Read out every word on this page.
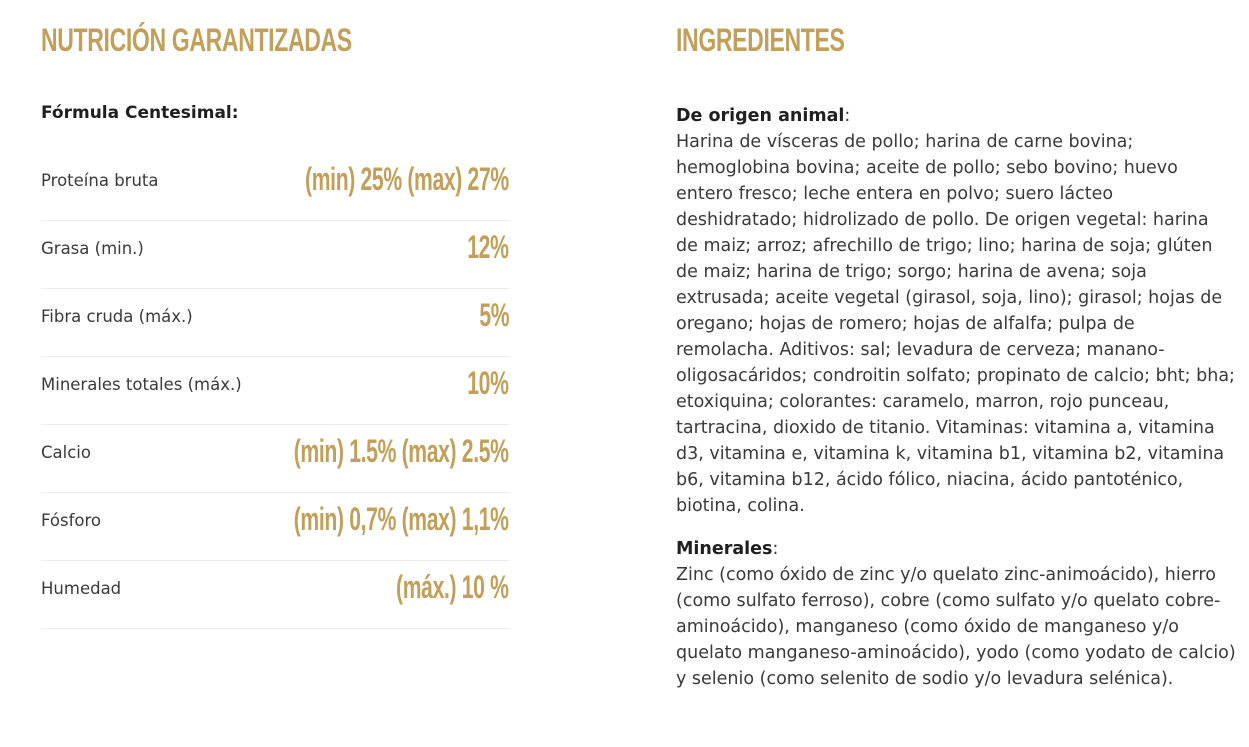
NUTRICIÓN GARANTIZADAS	INGREDIENTES

Fórmula Centesimal:

Proteína bruta	(min) 25% (max) 27%
Grasa (min.)	12%
Fibra cruda (máx.)	5%
Minerales totales (máx.)	10%
Calcio	(min) 1.5% (max) 2.5%
Fósforo	(min) 0,7% (max) 1,1%
Humedad	(máx.) 10 %

De origen animal:

Harina de vísceras de pollo; harina de carne bovina; hemoglobina bovina; aceite de pollo; sebo bovino; huevo entero fresco; leche entera en polvo; suero lácteo deshidratado; hidrolizado de pollo. De origen vegetal: harina de maiz; arroz; afrechillo de trigo; lino; harina de soja; glúten de maiz; harina de trigo; sorgo; harina de avena; soja extrusada; aceite vegetal (girasol, soja, lino); girasol; hojas de oregano; hojas de romero; hojas de alfalfa; pulpa de remolacha. Aditivos: sal; levadura de cerveza; manano-oligosacáridos; condroitin solfato; propinato de calcio; bht; bha; etoxiquina; colorantes: caramelo, marron, rojo punceau, tartracina, dioxido de titanio. Vitaminas: vitamina a, vitamina d3, vitamina e, vitamina k, vitamina b1, vitamina b2, vitamina b6, vitamina b12, ácido fólico, niacina, ácido pantoténico, biotina, colina.

Minerales:

Zinc (como óxido de zinc y/o quelato zinc-animoácido), hierro (como sulfato ferroso), cobre (como sulfato y/o quelato cobre-aminoácido), manganeso (como óxido de manganeso y/o quelato manganeso-aminoácido), yodo (como yodato de calcio) y selenio (como selenito de sodio y/o levadura selénica).
